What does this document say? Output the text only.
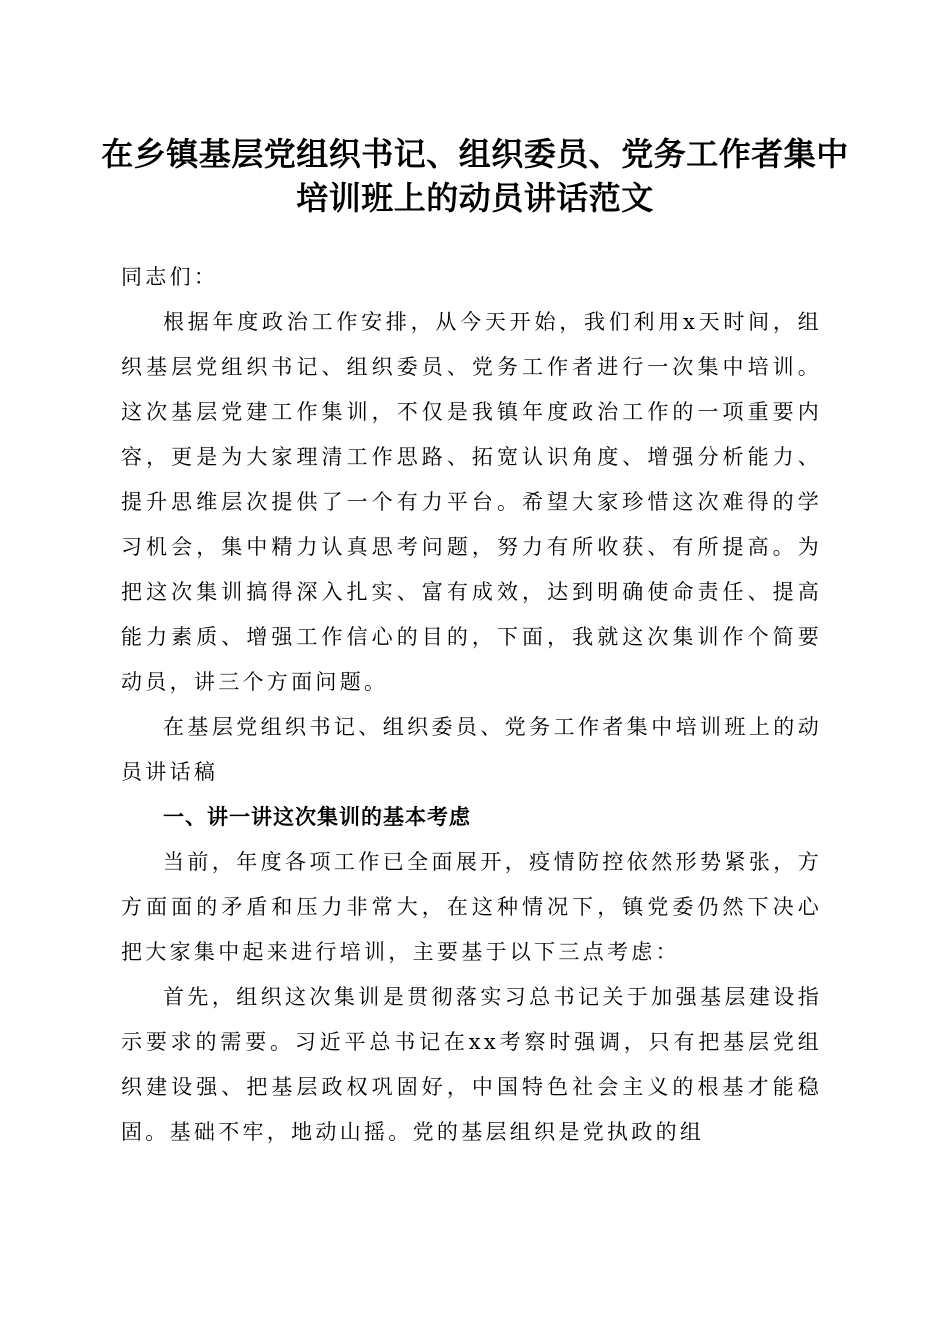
在乡镇基层党组织书记、组织委员、党务工作者集中培训班上的动员讲话范文

同志们：

根据年度政治工作安排，从今天开始，我们利用x天时间，组织基层党组织书记、组织委员、党务工作者进行一次集中培训。这次基层党建工作集训，不仅是我镇年度政治工作的一项重要内容，更是为大家理清工作思路、拓宽认识角度、增强分析能力、提升思维层次提供了一个有力平台。希望大家珍惜这次难得的学习机会，集中精力认真思考问题，努力有所收获、有所提高。为把这次集训搞得深入扎实、富有成效，达到明确使命责任、提高能力素质、增强工作信心的目的，下面，我就这次集训作个简要动员，讲三个方面问题。

在基层党组织书记、组织委员、党务工作者集中培训班上的动员讲话稿

一、讲一讲这次集训的基本考虑

当前，年度各项工作已全面展开，疫情防控依然形势紧张，方方面面的矛盾和压力非常大，在这种情况下，镇党委仍然下决心把大家集中起来进行培训，主要基于以下三点考虑：

首先，组织这次集训是贯彻落实习总书记关于加强基层建设指示要求的需要。习近平总书记在xx考察时强调，只有把基层党组织建设强、把基层政权巩固好，中国特色社会主义的根基才能稳固。基础不牢，地动山摇。党的基层组织是党执政的组
